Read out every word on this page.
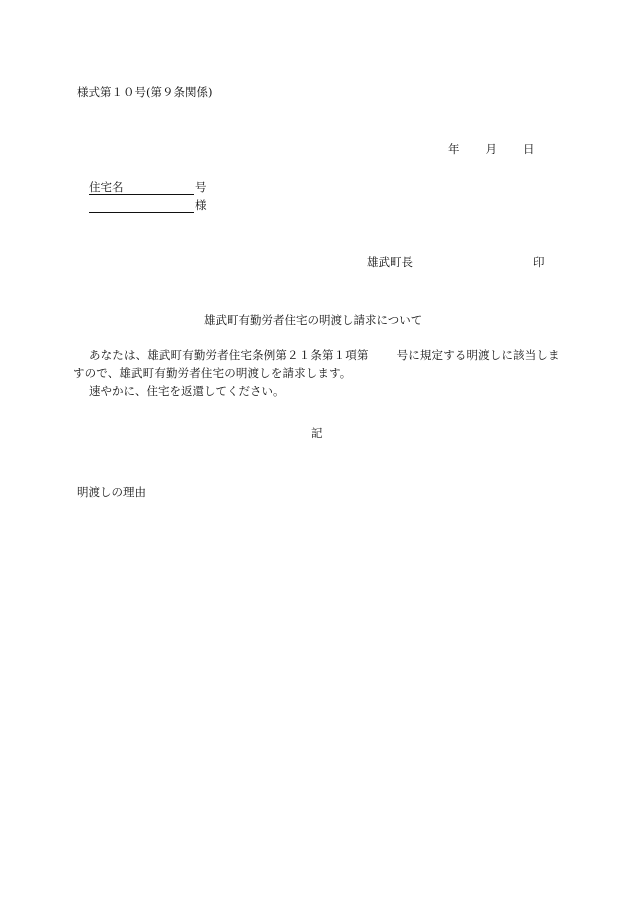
様式第１０号(第９条関係)
年 月 日
住宅名	号
様
雄武町長	印
雄武町有勤労者住宅の明渡し請求について
あなたは、雄武町有勤労者住宅条例第２１条第１項第 号に規定する明渡しに該当しますので、雄武町有勤労者住宅の明渡しを請求します。
速やかに、住宅を返還してください。
記
明渡しの理由
